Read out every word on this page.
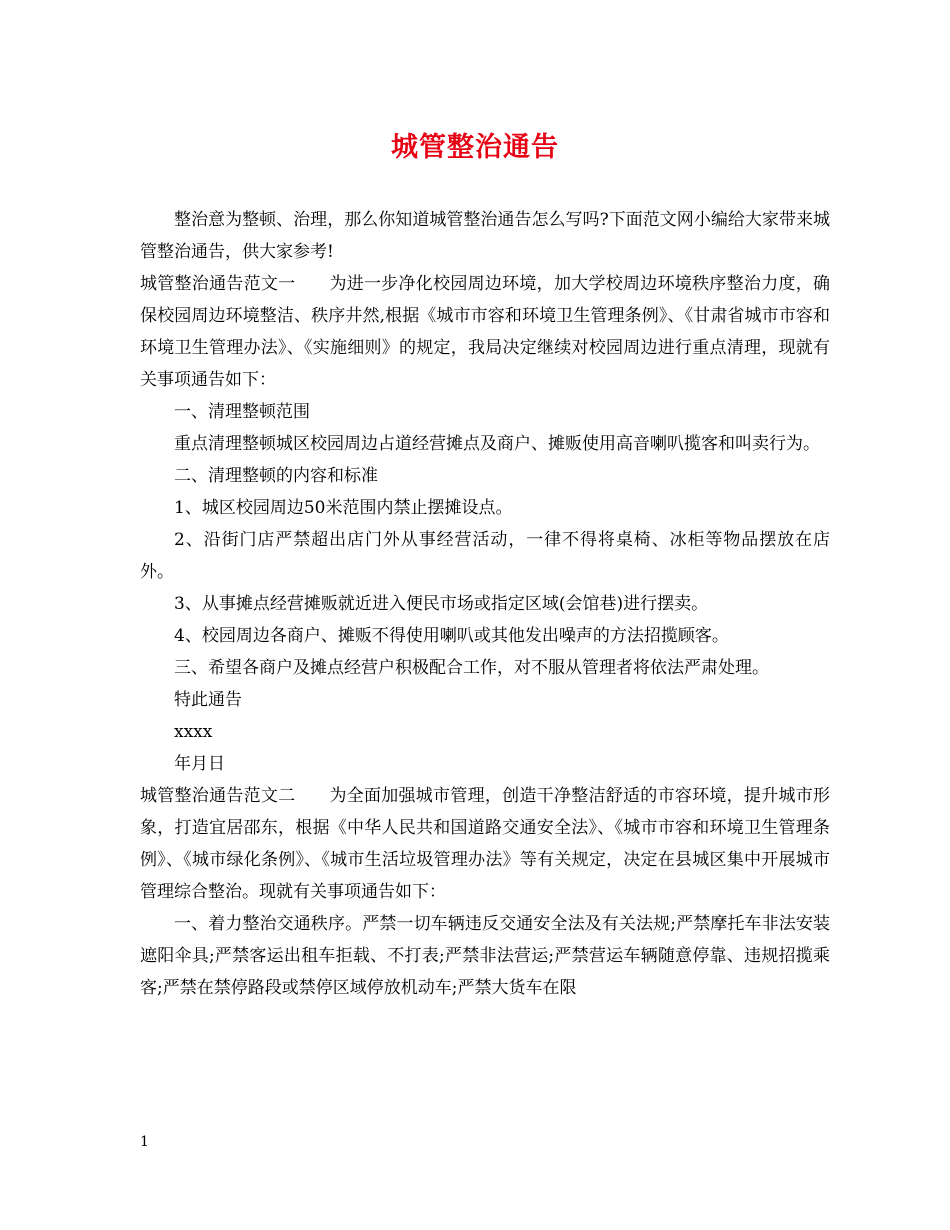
城管整治通告

整治意为整顿、治理，那么你知道城管整治通告怎么写吗?下面范文网小编给大家带来城管整治通告，供大家参考!

城管整治通告范文一 为进一步净化校园周边环境，加大学校周边环境秩序整治力度，确保校园周边环境整洁、秩序井然,根据《城市市容和环境卫生管理条例》、《甘肃省城市市容和环境卫生管理办法》、《实施细则》的规定，我局决定继续对校园周边进行重点清理，现就有关事项通告如下：

一、清理整顿范围

重点清理整顿城区校园周边占道经营摊点及商户、摊贩使用高音喇叭揽客和叫卖行为。

二、清理整顿的内容和标准

1、城区校园周边50米范围内禁止摆摊设点。

2、沿街门店严禁超出店门外从事经营活动，一律不得将桌椅、冰柜等物品摆放在店外。

3、从事摊点经营摊贩就近进入便民市场或指定区域(会馆巷)进行摆卖。

4、校园周边各商户、摊贩不得使用喇叭或其他发出噪声的方法招揽顾客。

三、希望各商户及摊点经营户积极配合工作，对不服从管理者将依法严肃处理。

特此通告

xxxx

年月日

城管整治通告范文二 为全面加强城市管理，创造干净整洁舒适的市容环境，提升城市形象，打造宜居邵东，根据《中华人民共和国道路交通安全法》、《城市市容和环境卫生管理条例》、《城市绿化条例》、《城市生活垃圾管理办法》等有关规定，决定在县城区集中开展城市管理综合整治。现就有关事项通告如下：

一、着力整治交通秩序。严禁一切车辆违反交通安全法及有关法规;严禁摩托车非法安装遮阳伞具;严禁客运出租车拒载、不打表;严禁非法营运;严禁营运车辆随意停靠、违规招揽乘客;严禁在禁停路段或禁停区域停放机动车;严禁大货车在限

1
